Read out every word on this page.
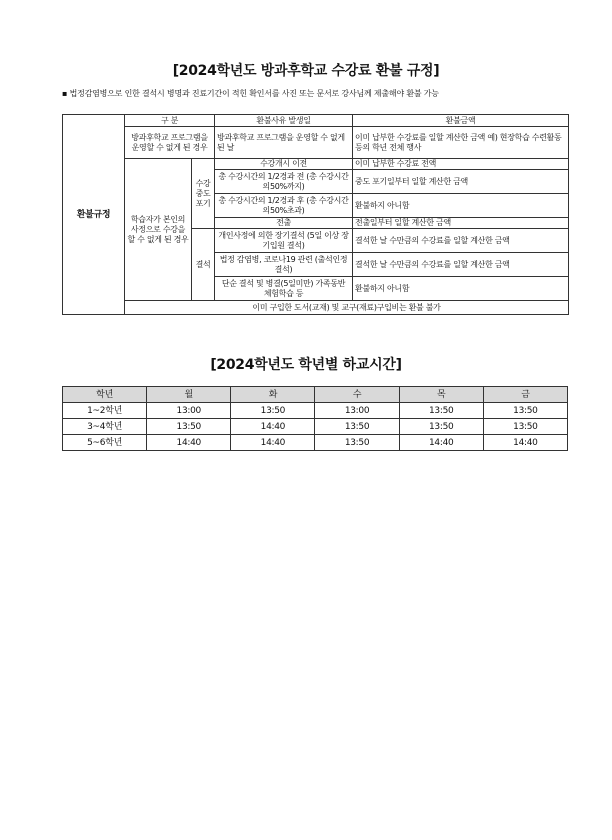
[2024학년도 방과후학교 수강료 환불 규정]
▪ 법정감염병으로 인한 결석시 병명과 진료기간이 적힌 확인서를 사진 또는 문서로 강사님께 제출해야 환불 가능
환불규정	구 분		환불사유 발생일	환불금액
	방과후학교 프로그램을 운영할 수 없게 된 경우		방과후학교 프로그램을 운영할 수 없게 된 날	이미 납부한 수강료를 일할 계산한 금액 예) 현장학습 수련활동 등의 학년 전체 행사
	학습자가 본인의 사정으로 수강을 할 수 없게 된 경우	수강 중도 포기	수강개시 이전	이미 납부한 수강료 전액
			총 수강시간의 1/2경과 전 (총 수강시간의50%까지)	중도 포기일부터 일할 계산한 금액
			총 수강시간의 1/2경과 후 (총 수강시간의50%초과)	환불하지 아니함
			전출	전출일부터 일할 계산한 금액
		결석	개인사정에 의한 장기결석 (5일 이상 장기입원 결석)	결석한 날 수만큼의 수강료를 일할 계산한 금액
			법정 감염병, 코로나19 관련 (출석인정결석)	결석한 날 수만큼의 수강료를 일할 계산한 금액
			단순 결석 및 병결(5일미만) 가족동반 체험학습 등	환불하지 아니함
	이미 구입한 도서(교재) 및 교구(재료)구입비는 환불 불가			
[2024학년도 학년별 하교시간]
학년	월	화	수	목	금
1~2학년	13:00	13:50	13:00	13:50	13:50
3~4학년	13:50	14:40	13:50	13:50	13:50
5~6학년	14:40	14:40	13:50	14:40	14:40
